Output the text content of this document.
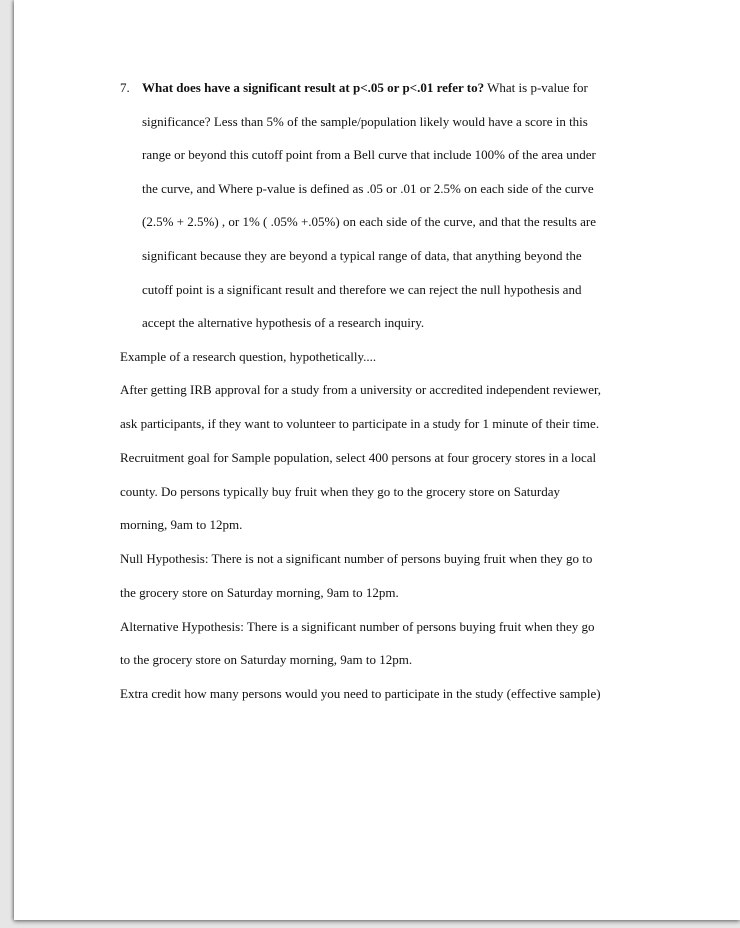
7. What does have a significant result at p<.05 or p<.01 refer to? What is p-value for
significance? Less than 5% of the sample/population likely would have a score in this
range or beyond this cutoff point from a Bell curve that include 100% of the area under
the curve, and Where p-value is defined as .05 or .01 or 2.5% on each side of the curve
(2.5% + 2.5%) , or 1% ( .05% +.05%) on each side of the curve, and that the results are
significant because they are beyond a typical range of data, that anything beyond the
cutoff point is a significant result and therefore we can reject the null hypothesis and
accept the alternative hypothesis of a research inquiry.
Example of a research question, hypothetically....
After getting IRB approval for a study from a university or accredited independent reviewer,
ask participants, if they want to volunteer to participate in a study for 1 minute of their time.
Recruitment goal for Sample population, select 400 persons at four grocery stores in a local
county. Do persons typically buy fruit when they go to the grocery store on Saturday
morning, 9am to 12pm.
Null Hypothesis: There is not a significant number of persons buying fruit when they go to
the grocery store on Saturday morning, 9am to 12pm.
Alternative Hypothesis: There is a significant number of persons buying fruit when they go
to the grocery store on Saturday morning, 9am to 12pm.
Extra credit how many persons would you need to participate in the study (effective sample)
